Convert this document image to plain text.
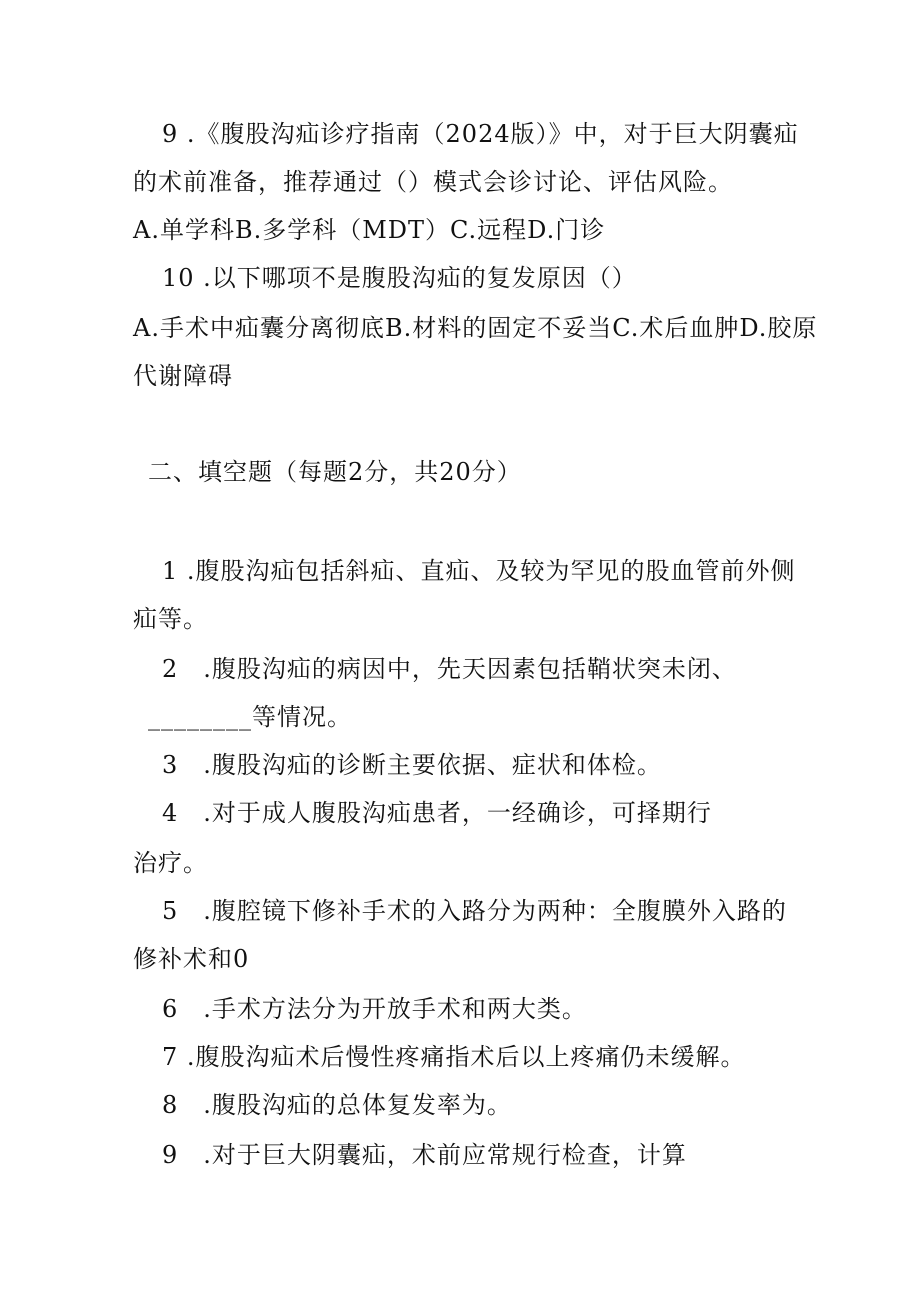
9 .《腹股沟疝诊疗指南（2024版）》中，对于巨大阴囊疝
的术前准备，推荐通过（）模式会诊讨论、评估风险。
A.单学科B.多学科（MDT）C.远程D.门诊
10 .以下哪项不是腹股沟疝的复发原因（）
A.手术中疝囊分离彻底B.材料的固定不妥当C.术后血肿D.胶原
代谢障碍
二、填空题（每题2分，共20分）
1 .腹股沟疝包括斜疝、直疝、及较为罕见的股血管前外侧
疝等。
2　.腹股沟疝的病因中，先天因素包括鞘状突未闭、
________等情况。
3　.腹股沟疝的诊断主要依据、症状和体检。
4　.对于成人腹股沟疝患者，一经确诊，可择期行
治疗。
5　.腹腔镜下修补手术的入路分为两种：全腹膜外入路的
修补术和0
6　.手术方法分为开放手术和两大类。
7 .腹股沟疝术后慢性疼痛指术后以上疼痛仍未缓解。
8　.腹股沟疝的总体复发率为。
9　.对于巨大阴囊疝，术前应常规行检查，计算
